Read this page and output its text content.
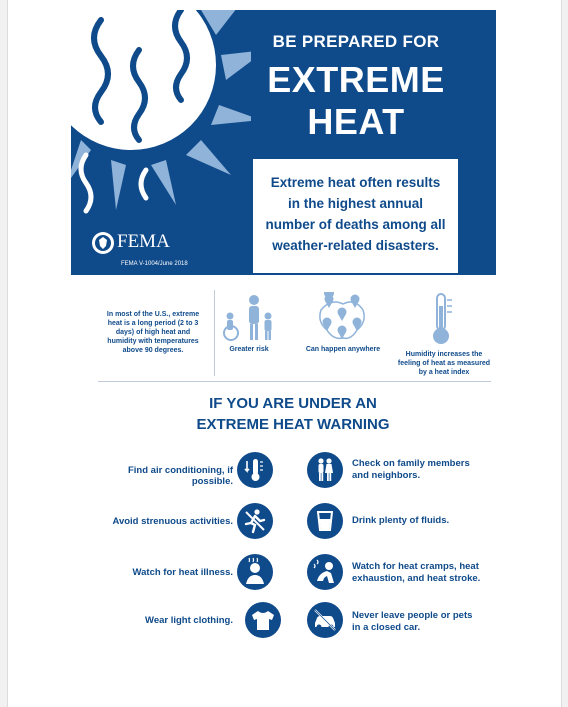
BE PREPARED FOR
EXTREME
HEAT
Extreme heat often results
in the highest annual
number of deaths among all
weather-related disasters.
FEMA
FEMA V-1004/June 2018
In most of the U.S., extreme
heat is a long period (2 to 3
days) of high heat and
humidity with temperatures
above 90 degrees.	Greater risk	Can happen anywhere
Humidity increases the
feeling of heat as measured
by a heat index
IF YOU ARE UNDER AN
EXTREME HEAT WARNING
Find air conditioning, if possible.
Avoid strenuous activities.
Watch for heat illness.
Wear light clothing.
Check on family members
and neighbors.
Drink plenty of fluids.
Watch for heat cramps, heat
exhaustion, and heat stroke.
Never leave people or pets
in a closed car.
